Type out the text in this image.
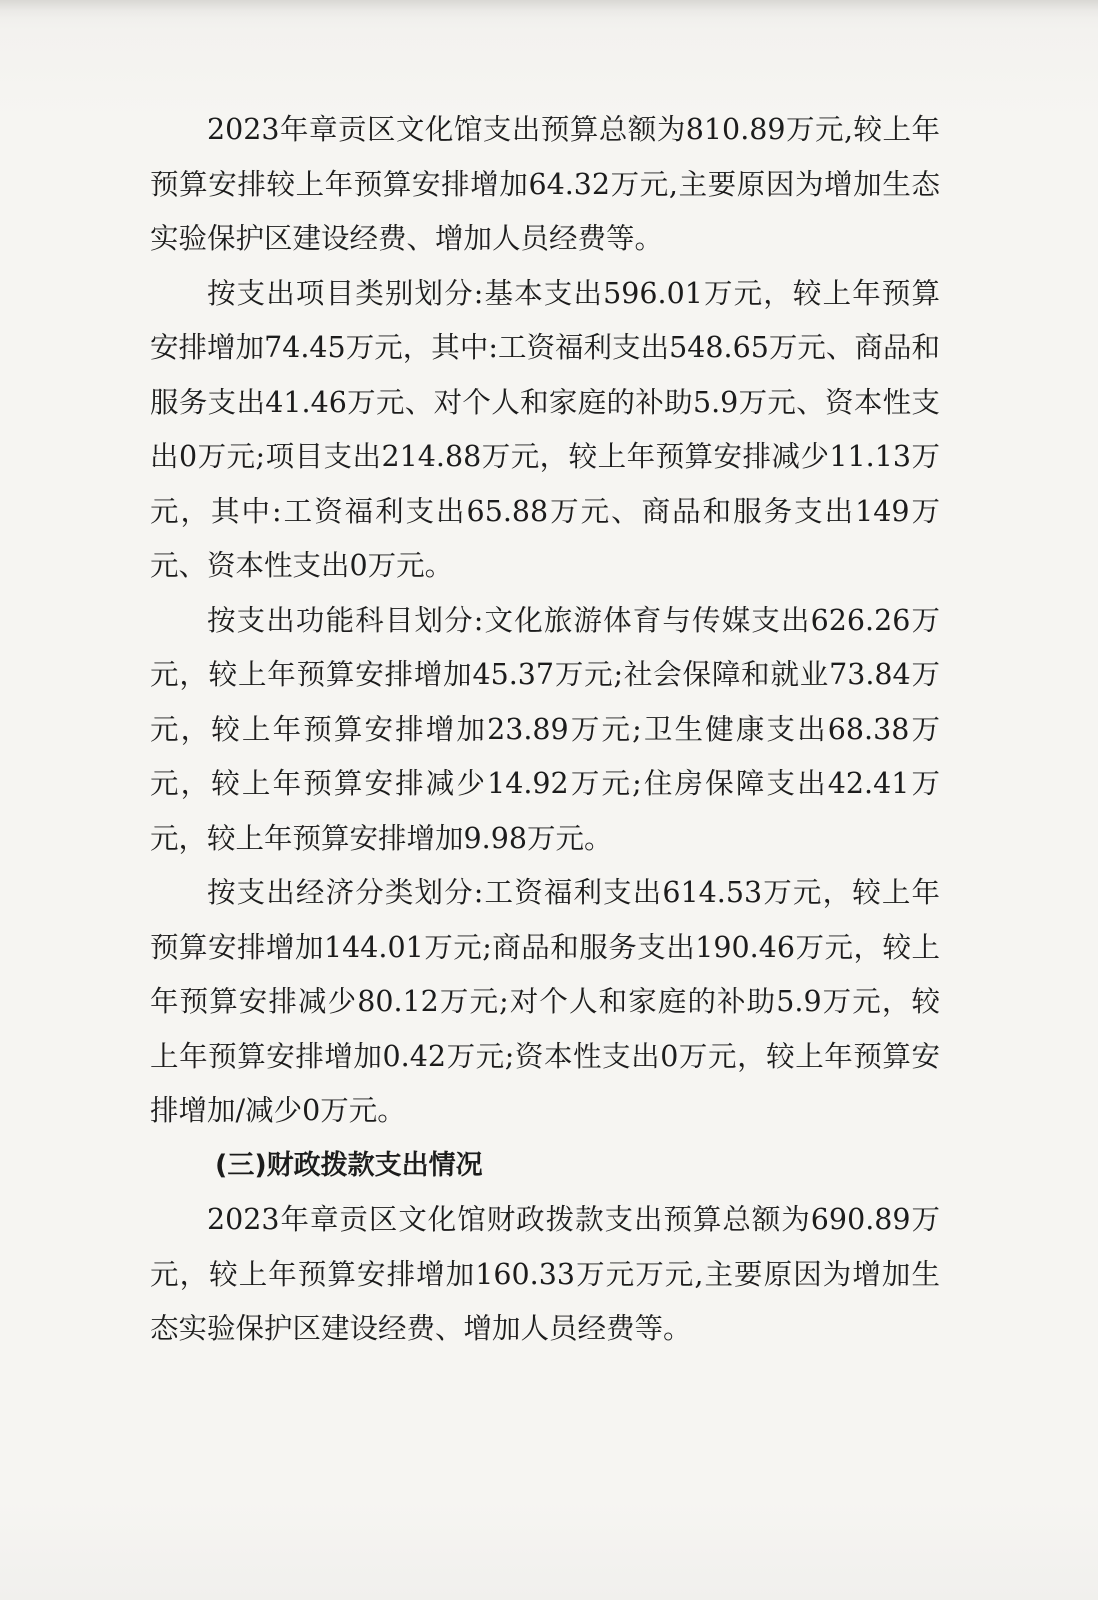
2023年章贡区文化馆支出预算总额为810.89万元,较上年预算安排较上年预算安排增加64.32万元,主要原因为增加生态实验保护区建设经费、增加人员经费等。

按支出项目类别划分:基本支出596.01万元，较上年预算安排增加74.45万元，其中:工资福利支出548.65万元、商品和服务支出41.46万元、对个人和家庭的补助5.9万元、资本性支出0万元;项目支出214.88万元，较上年预算安排减少11.13万元，其中:工资福利支出65.88万元、商品和服务支出149万元、资本性支出0万元。

按支出功能科目划分:文化旅游体育与传媒支出626.26万元，较上年预算安排增加45.37万元;社会保障和就业73.84万元，较上年预算安排增加23.89万元;卫生健康支出68.38万元，较上年预算安排减少14.92万元;住房保障支出42.41万元，较上年预算安排增加9.98万元。

按支出经济分类划分:工资福利支出614.53万元，较上年预算安排增加144.01万元;商品和服务支出190.46万元，较上年预算安排减少80.12万元;对个人和家庭的补助5.9万元，较上年预算安排增加0.42万元;资本性支出0万元，较上年预算安排增加/减少0万元。

(三)财政拨款支出情况

2023年章贡区文化馆财政拨款支出预算总额为690.89万元，较上年预算安排增加160.33万元万元,主要原因为增加生态实验保护区建设经费、增加人员经费等。
